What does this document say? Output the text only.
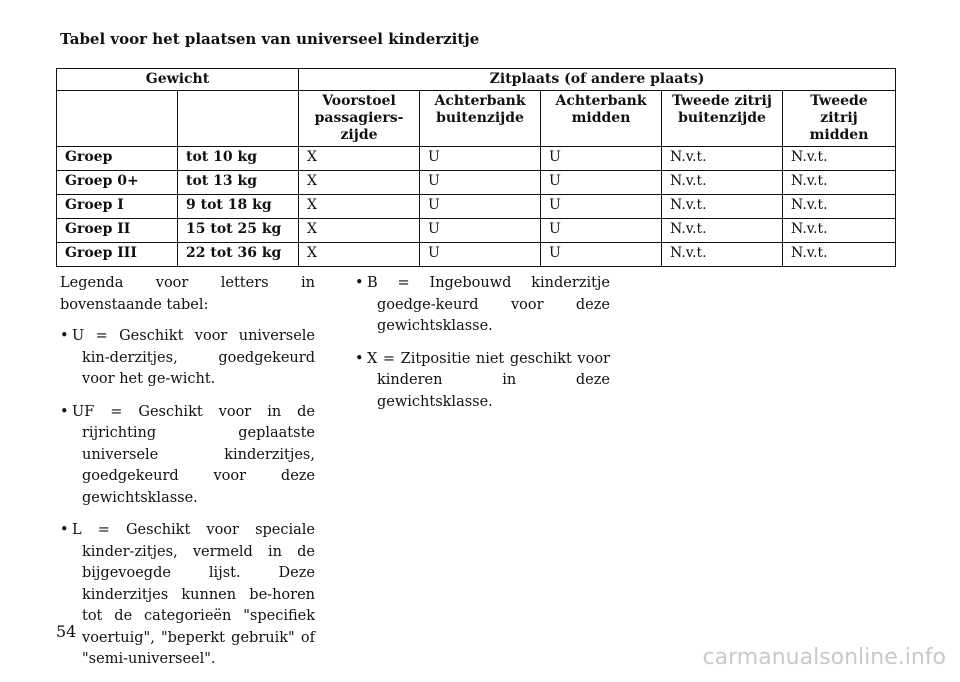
Tabel voor het plaatsen van universeel kinderzitje
Gewicht		Zitplaats (of andere plaats)				
		Voorstoel passagiers-zijde	Achterbank buitenzijde	Achterbank midden	Tweede zitrij buitenzijde	Tweede zitrij midden
Groep	tot 10 kg	X	U	U	N.v.t.	N.v.t.
Groep 0+	tot 13 kg	X	U	U	N.v.t.	N.v.t.
Groep I	9 tot 18 kg	X	U	U	N.v.t.	N.v.t.
Groep II	15 tot 25 kg	X	U	U	N.v.t.	N.v.t.
Groep III	22 tot 36 kg	X	U	U	N.v.t.	N.v.t.

Legenda voor letters in bovenstaande tabel:

• U = Geschikt voor universele kin-derzitjes, goedgekeurd voor het ge-wicht.
• UF = Geschikt voor in de rijrichting geplaatste universele kinderzitjes, goedgekeurd voor deze gewichtsklasse.
• L = Geschikt voor speciale kinder-zitjes, vermeld in de bijgevoegde lijst. Deze kinderzitjes kunnen be-horen tot de categorieën "specifiek voertuig", "beperkt gebruik" of "semi-universeel".
• B = Ingebouwd kinderzitje goedge-keurd voor deze gewichtsklasse.
• X = Zitpositie niet geschikt voor kinderen in deze gewichtsklasse.
54
carmanualsonline.info
